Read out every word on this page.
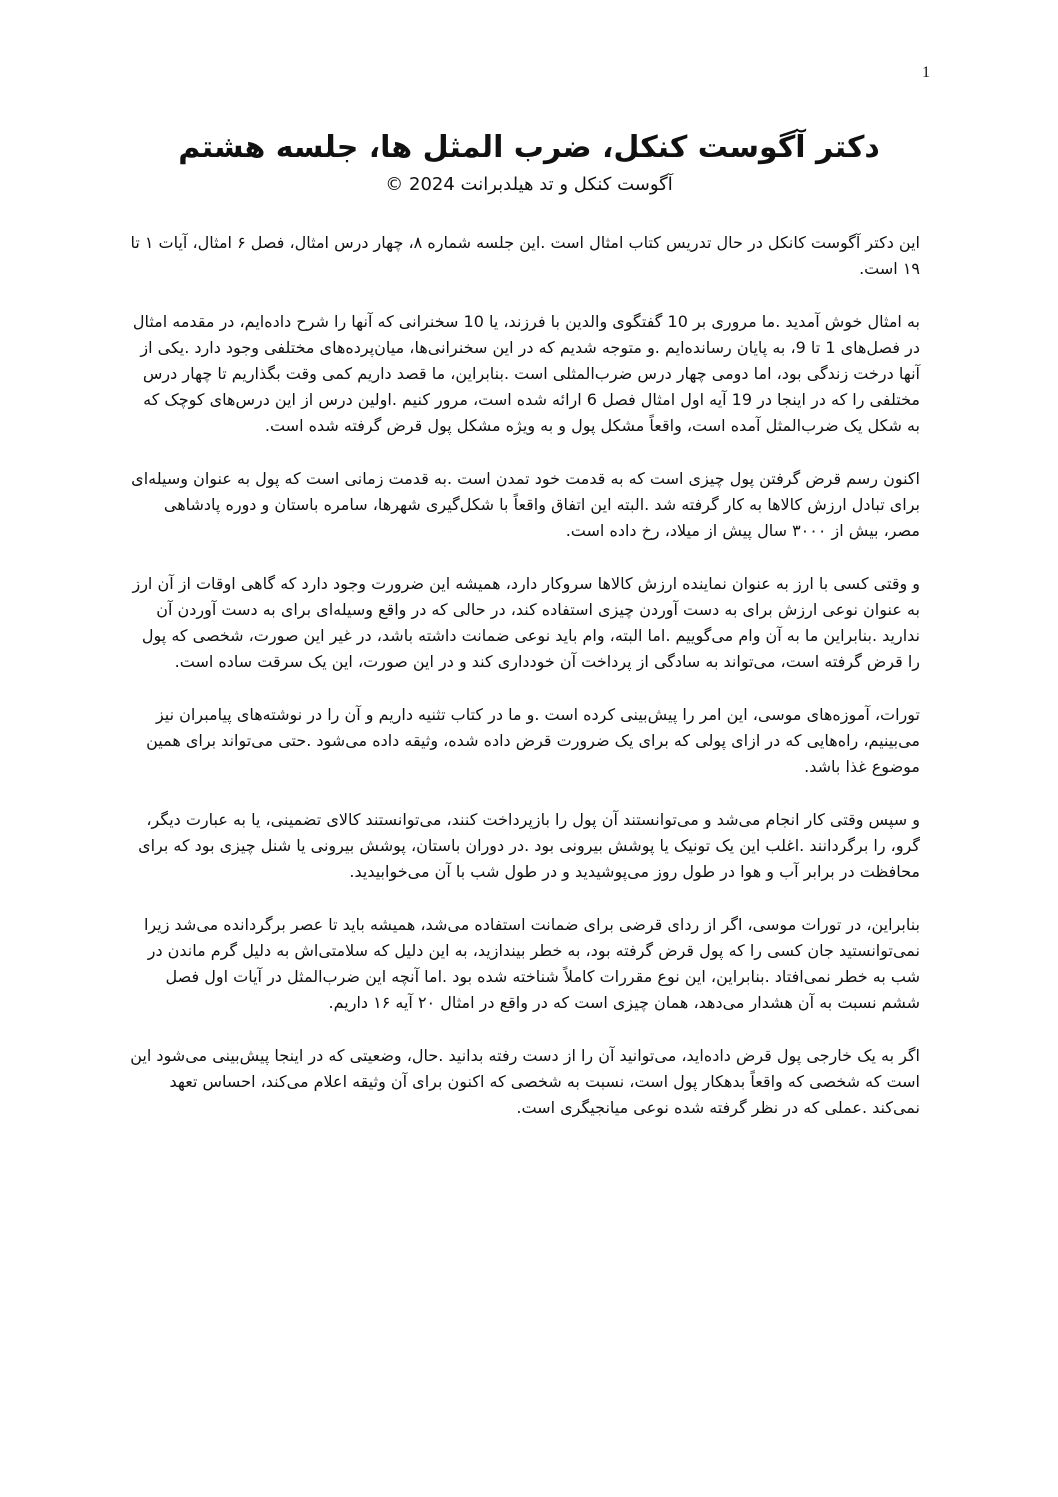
1
دکتر آگوست کنکل، ضرب المثل ها، جلسه هشتم
آگوست کنکل و تد هیلدبرانت 2024 ©

این دکتر آگوست کانکل در حال تدریس کتاب امثال است .این جلسه شماره ۸، چهار درس امثال، فصل ۶ امثال، آیات ۱ تا ۱۹ است.

به امثال خوش آمدید .ما مروری بر 10 گفتگوی والدین با فرزند، یا 10 سخنرانی که آنها را شرح داده‌ایم، در مقدمه امثال در فصل‌های 1 تا 9، به پایان رسانده‌ایم .و متوجه شدیم که در این سخنرانی‌ها، میان‌پرده‌های مختلفی وجود دارد .یکی از آنها درخت زندگی بود، اما دومی چهار درس ضرب‌المثلی است .بنابراین، ما قصد داریم کمی وقت بگذاریم تا چهار درس مختلفی را که در اینجا در 19 آیه اول امثال فصل 6 ارائه شده است، مرور کنیم .اولین درس از این درس‌های کوچک که به شکل یک ضرب‌المثل آمده است، واقعاً مشکل پول و به ویژه مشکل پول قرض گرفته شده است.

اکنون رسم قرض گرفتن پول چیزی است که به قدمت خود تمدن است .به قدمت زمانی است که پول به عنوان وسیله‌ای برای تبادل ارزش کالاها به کار گرفته شد .البته این اتفاق واقعاً با شکل‌گیری شهرها، سامره باستان و دوره پادشاهی مصر، بیش از ۳۰۰۰ سال پیش از میلاد، رخ داده است.

و وقتی کسی با ارز به عنوان نماینده ارزش کالاها سروکار دارد، همیشه این ضرورت وجود دارد که گاهی اوقات از آن ارز به عنوان نوعی ارزش برای به دست آوردن چیزی استفاده کند، در حالی که در واقع وسیله‌ای برای به دست آوردن آن ندارید .بنابراین ما به آن وام می‌گوییم .اما البته، وام باید نوعی ضمانت داشته باشد، در غیر این صورت، شخصی که پول را قرض گرفته است، می‌تواند به سادگی از پرداخت آن خودداری کند و در این صورت، این یک سرقت ساده است.

تورات، آموزه‌های موسی، این امر را پیش‌بینی کرده است .و ما در کتاب تثنیه داریم و آن را در نوشته‌های پیامبران نیز می‌بینیم، راه‌هایی که در ازای پولی که برای یک ضرورت قرض داده شده، وثیقه داده می‌شود .حتی می‌تواند برای همین موضوع غذا باشد.

و سپس وقتی کار انجام می‌شد و می‌توانستند آن پول را بازپرداخت کنند، می‌توانستند کالای تضمینی، یا به عبارت دیگر، گرو، را برگردانند .اغلب این یک تونیک یا پوشش بیرونی بود .در دوران باستان، پوشش بیرونی یا شنل چیزی بود که برای محافظت در برابر آب و هوا در طول روز می‌پوشیدید و در طول شب با آن می‌خوابیدید.

بنابراین، در تورات موسی، اگر از ردای قرضی برای ضمانت استفاده می‌شد، همیشه باید تا عصر برگردانده می‌شد زیرا نمی‌توانستید جان کسی را که پول قرض گرفته بود، به خطر بیندازید، به این دلیل که سلامتی‌اش به دلیل گرم ماندن در شب به خطر نمی‌افتاد .بنابراین، این نوع مقررات کاملاً شناخته شده بود .اما آنچه این ضرب‌المثل در آیات اول فصل ششم نسبت به آن هشدار می‌دهد، همان چیزی است که در واقع در امثال ۲۰ آیه ۱۶ داریم.

اگر به یک خارجی پول قرض داده‌اید، می‌توانید آن را از دست رفته بدانید .حال، وضعیتی که در اینجا پیش‌بینی می‌شود این است که شخصی که واقعاً بدهکار پول است، نسبت به شخصی که اکنون برای آن وثیقه اعلام می‌کند، احساس تعهد نمی‌کند .عملی که در نظر گرفته شده نوعی میانجیگری است.
